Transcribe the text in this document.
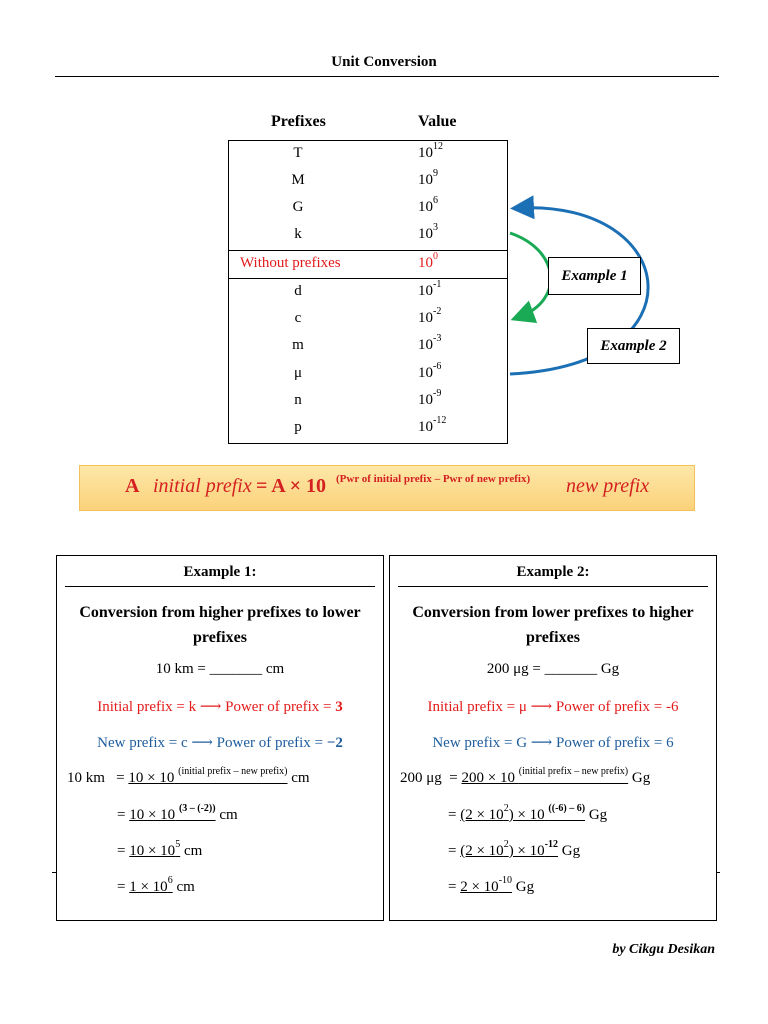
Unit Conversion
Prefixes	Value
T	$10^{12}$
M	$10^9$
G	$10^6$
k	$10^3$
Without prefixes	$10^0$
d	$10^{-1}$
c	$10^{-2}$
m	$10^{-3}$
μ	$10^{-6}$
n	$10^{-9}$
p	$10^{-12}$
Example 1
Example 2
A initial prefix = A × 10 (Pwr of initial prefix – Pwr of new prefix) new prefix
Example 1:
Conversion from higher prefixes to lower prefixes
10 km = _______ cm
Initial prefix = k ⟶ Power of prefix = 3
New prefix = c ⟶ Power of prefix = −2
10 km = 10 × 10 $^{(initial prefix - new prefix)}$ cm
= 10 × 10 $^{(3 - (-2))}$ cm
= $10 \times 10^5$ cm
= $1 \times 10^6$ cm
Example 2:
Conversion from lower prefixes to higher prefixes
200 μg = _______ Gg
Initial prefix = μ ⟶ Power of prefix = -6
New prefix = G ⟶ Power of prefix = 6
200 μg = 200 × 10 $^{(initial prefix - new prefix)}$ Gg
= $(2 \times 10^2) \times 10$ $^{((-6) - 6)}$ Gg
= $(2 \times 10^2) \times 10^{-12}$ Gg
= $2 \times 10^{-10}$ Gg
by Cikgu Desikan
